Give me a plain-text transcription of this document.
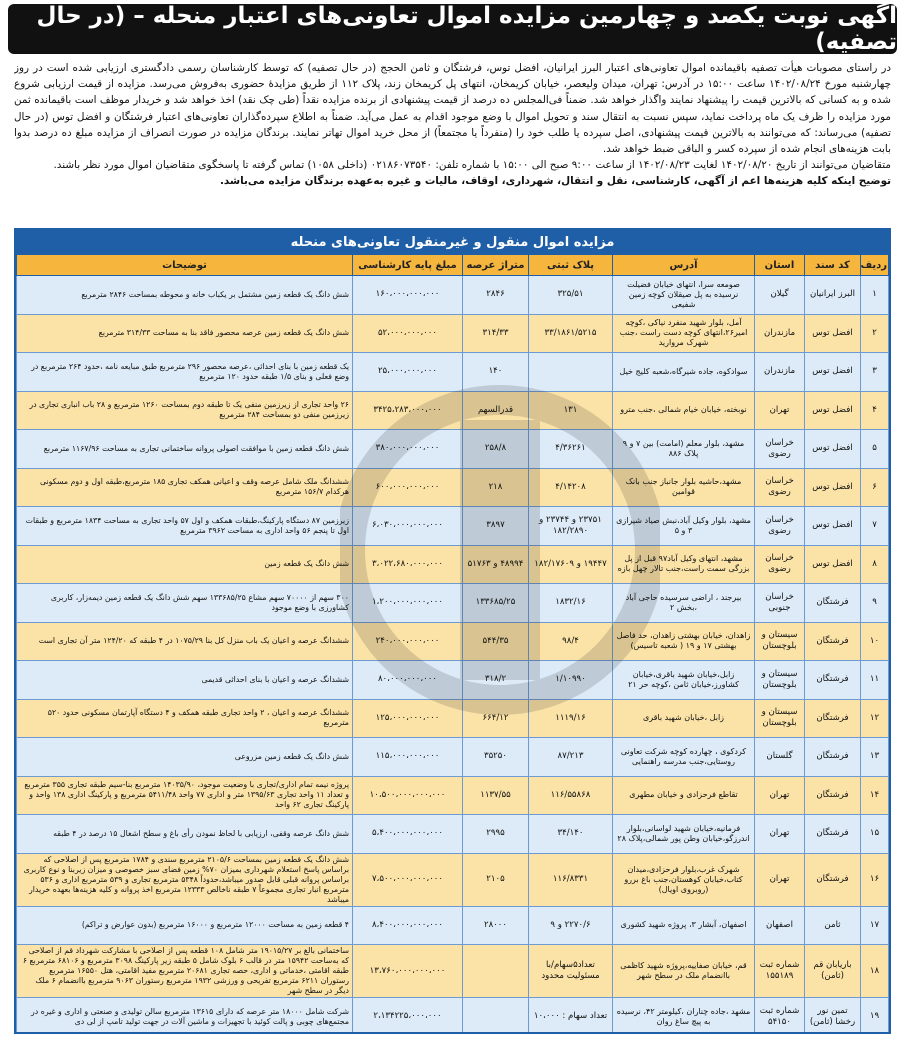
آگهی نوبت یکصد و چهارمین مزایده اموال تعاونی‌های اعتبار منحله – (در حال تصفیه)

در راستای مصوبات هیأت تصفیه باقیمانده اموال تعاونی‌های اعتبار البرز ایرانیان، افضل توس، فرشتگان و ثامن الحجج (در حال تصفیه) که توسط کارشناسان رسمی دادگستری ارزیابی شده است در روز چهارشنبه مورخ ۱۴۰۲/۰۸/۲۴ ساعت ۱۵:۰۰ در آدرس: تهران، میدان ولیعصر، خیابان کریمخان، انتهای پل کریمخان زند، پلاک ۱۱۲ از طریق مزایدهٔ حضوری به‌فروش می‌رسد. مزایده از قیمت ارزیابی شروع شده و به کسانی که بالاترین قیمت را پیشنهاد نمایند واگذار خواهد شد. ضمناً فی‌المجلس ده درصد از قیمت پیشنهادی از برنده مزایده نقداً (طی چک نقد) اخذ خواهد شد و خریدار موظف است باقیمانده ثمن مورد مزایده را ظرف یک ماه پرداخت نماید، سپس نسبت به انتقال سند و تحویل اموال با وضع موجود اقدام به عمل می‌آید. ضمناً به اطلاع سپرده‌گذاران تعاونی‌های اعتبار فرشتگان و افضل توس (در حال تصفیه) می‌رساند: که می‌توانند به بالاترین قیمت پیشنهادی، اصل سپرده یا طلب خود را (منفرداً یا مجتمعاً) از محل خرید اموال تهاتر نمایند. برندگان مزایده در صورت انصراف از مزایده مبلغ ده درصد بدوا بابت هزینه‌های انجام شده از سپرده کسر و الباقی ضبط خواهد شد.

متقاضیان می‌توانند از تاریخ ۱۴۰۲/۰۸/۲۰ لغایت ۱۴۰۲/۰۸/۲۳ از ساعت ۹:۰۰ صبح الی ۱۵:۰۰ با شماره تلفن: ۰۲۱۸۶۰۷۳۵۴۰ (داخلی ۱۰۵۸) تماس گرفته تا پاسخگوی متقاضیان اموال مورد نظر باشند.

توضیح اینکه کلیه هزینه‌ها اعم از آگهی، کارشناسی، نقل و انتقال، شهرداری، اوقاف، مالیات و غیره به‌عهده برندگان مزایده می‌باشد.

مزایده اموال منقول و غیرمنقول تعاونی‌های منحله
ردیف	کد سند	استان	آدرس	پلاک ثبتی	متراژ عرصه	مبلغ پایه کارشناسی	توضیحات
۱	البرز ایرانیان	گیلان	صومعه سرا، انتهای خیابان فضیلت نرسیده به پل صیقلان کوچه زمین شفیعی	۳۲۵/۵۱	۲۸۴۶	۱۶۰،۰۰۰،۰۰۰،۰۰۰	شش دانگ یک قطعه زمین مشتمل بر یکباب خانه و محوطه بمساحت ۲۸۴۶ مترمربع
۲	افضل توس	مازندران	آمل، بلوار شهید منفرد نیاکی ،کوچه امیر۲۶،انتهای کوچه دست راست ،جنب شهرک مروارید	۳۳/۱۸۶۱/۵۲۱۵	۳۱۴/۳۳	۵۲،۰۰۰،۰۰۰،۰۰۰	شش دانگ یک قطعه زمین عرصه محصور فاقد بنا به مساحت ۳۱۴/۳۳ مترمربع
۳	افضل توس	مازندران	سوادکوه، جاده شیرگاه،شعبه کلیج خیل		۱۴۰	۲۵،۰۰۰،۰۰۰،۰۰۰	یک قطعه زمین با بنای احداثی ،عرصه محصور ۲۹۶ مترمربع طبق مبایعه نامه ،حدود ۲۶۴ مترمربع در وضع فعلی و بنای ۱/۵ طبقه حدود ۱۲۰ مترمربع
۴	افضل توس	تهران	نوبخته، خیابان خیام شمالی ،جنب مترو	۱۳۱	قدرالسهم	۳۴۲۵،۲۸۳،۰۰۰،۰۰۰	۲۶ واحد تجاری از زیرزمین منفی یک تا طبقه دوم بمساحت ۱۲۶۰ مترمربع و ۲۸ باب انباری تجاری در زیرزمین منفی دو بمساحت ۲۸۴ مترمربع
۵	افضل توس	خراسان رضوی	مشهد، بلوار معلم (امامت) بین ۷ و ۹ پلاک ۸۸۶	۴/۳۶۲۶۱	۲۵۸/۸	۳۸۰،۰۰۰،۰۰۰،۰۰۰	شش دانگ قطعه زمین با موافقت اصولی پروانه ساختمانی تجاری به مساحت ۱۱۶۷/۹۶ مترمربع
۶	افضل توس	خراسان رضوی	مشهد،حاشیه بلوار جانباز جنب بانک قوامین	۴/۱۴۲۰۸	۲۱۸	۶۰۰،۰۰۰،۰۰۰،۰۰۰	ششدانگ ملک شامل عرصه وقف و اعیانی همکف تجاری ۱۸۵ مترمربع،طبقه اول و دوم مسکونی هرکدام ۱۵۶/۷ مترمربع
۷	افضل توس	خراسان رضوی	مشهد، بلوار وکیل آباد،نبش صیاد شیرازی ۳ و ۵	۲۳۷۵۱ و ۲۳۷۴۴ و ۱۸۲/۲۸۹۰	۳۸۹۷	۶،۰۳۰،۰۰۰،۰۰۰،۰۰۰	زیرزمین ۸۷ دستگاه پارکینگ،طبقات همکف و اول ۵۷ واحد تجاری به مساحت ۱۸۳۴ مترمربع و طبقات اول تا پنجم ۵۶ واحد اداری به مساحت ۳۹۶۲ مترمربع
۸	افضل توس	خراسان رضوی	مشهد، انتهای وکیل آباد۹۷ قبل از پل بزرگی سمت راست،جنب تالار چهل بازه	۱۹۴۴۷ و ۱۸۲/۱۷۶۰۹	۴۸۹۹۴ و ۵۱۷۶۳	۳،۰۲۲،۶۸۰،۰۰۰،۰۰۰	شش دانگ یک قطعه زمین
۹	فرشتگان	خراسان جنوبی	بیرجند ، اراضی سرسیده حاجی آباد ،بخش ۲	۱۸۳۲/۱۶	۱۳۳۶۸۵/۲۵	۱،۲۰۰،۰۰۰،۰۰۰،۰۰۰	۳۰۰ سهم از ۷۰۰۰۰ سهم مشاع ۱۳۳۶۸۵/۲۵ سهم شش دانگ یک قطعه زمین دیمه‌زار، کاربری کشاورزی با وضع موجود
۱۰	فرشتگان	سیستان و بلوچستان	زاهدان، خیابان بهشتی زاهدان، حد فاصل بهشتی ۱۷ و ۱۹ ( شعبه تاسیس)	۹۸/۴	۵۴۴/۳۵	۲۴۰،۰۰۰،۰۰۰،۰۰۰	ششدانگ عرصه و اعیان یک باب منزل کل بنا ۱۰۷۵/۲۹ در ۴ طبقه که ۱۲۴/۲۰ متر آن تجاری است
۱۱	فرشتگان	سیستان و بلوچستان	زابل،خیابان شهید باقری،خیابان کشاورز،خیابان ثامن ،کوچه حر ۲۱	۱/۱۰۹۹۰	۳۱۸/۲	۸۰،۰۰۰،۰۰۰،۰۰۰	ششدانگ عرصه و اعیان با بنای احداثی قدیمی
۱۲	فرشتگان	سیستان و بلوچستان	زابل ،خیابان شهید باقری	۱۱۱۹/۱۶	۶۶۴/۱۲	۱۲۵،۰۰۰،۰۰۰،۰۰۰	ششدانگ عرصه و اعیان ، ۲ واحد تجاری طبقه همکف و ۴ دستگاه آپارتمان مسکونی حدود ۵۲۰ مترمربع
۱۳	فرشتگان	گلستان	کردکوی ، چهارده کوچه شرکت تعاونی روستایی،جنب مدرسه راهنمایی	۸۷/۲۱۳	۳۵۲۵۰	۱۱۵،۰۰۰،۰۰۰،۰۰۰	شش دانگ یک قطعه زمین مزروعی
۱۴	فرشتگان	تهران	تقاطع فرحزادی و خیابان مطهری	۱۱۶/۵۵۸۶۸	۱۱۳۷/۵۵	۱۰،۵۰۰،۰۰۰،۰۰۰،۰۰۰	پروژه نیمه تمام اداری/تجاری با وضعیت موجود، ۱۴۰۳۵/۹۰ مترمربع بنا-سیم طبقه تجاری ۳۵۵ مترمربع و تعداد ۱۱ واحد تجاری ۱۳۹۵/۶۳ متر و اداری ۷۷ واحد ۵۴۱۱/۴۸ مترمربع و پارکینگ اداری ۱۳۸ واحد و پارکینگ تجاری ۶۲ واحد
۱۵	فرشتگان	تهران	فرمانیه،خیابان شهید لواسانی،بلوار اندرزگو،خیابان وطن پور شمالی،پلاک ۲۸	۳۴/۱۴۰	۲۹۹۵	۵،۴۰۰،۰۰۰،۰۰۰،۰۰۰	شش دانگ عرصه وقفی، ارزیابی با لحاظ نمودن رأی باغ و سطح اشغال ۱۵ درصد در ۴ طبقه
۱۶	فرشتگان	تهران	شهرک غرب،بلوار فرحزادی،میدان کتاب،خیابان کوهستان،جنب باغ بررو (روبروی اویال)	۱۱۶/۸۳۳۱	۲۱۰۵	۷،۵۰۰،۰۰۰،۰۰۰،۰۰۰	شش دانگ یک قطعه زمین بمساحت ۲۱۰۵/۶ مترمربع سندی و ۱۷۸۴ مترمربع پس از اصلاحی که براساس پاسخ استعلام شهرداری بمیزان ۷۰% زمین فضای سبز خصوصی و میزان زیربنا و نوع کاربری براساس پروانه قبلی قابل صدور میباشد،حدوداً ۵۳۴۸ مترمربع تجاری و ۵۳۹ مترمربع اداری و ۵۳۶ مترمربع انبار تجاری مجموعاً ۷ طبقه ناخالص ۱۲۳۳۳ مترمربع اخذ پروانه و کلیه هزینه‌ها بعهده خریدار میباشد
۱۷	ثامن	اصفهان	اصفهان، آبشار ۳، پروژه شهید کشوری	۲۲۷۰/۶ و ۹	۲۸۰۰۰	۸،۴۰۰،۰۰۰،۰۰۰،۰۰۰	۴ قطعه زمین به مساحت ۱۲۰۰۰ مترمربع و ۱۶۰۰۰ مترمربع (بدون عوارض و تراکم)
۱۸	باریابان قم (ثامن)	شماره ثبت ۱۵۵۱۸۹	قم، خیابان صفاییه،پروژه شهید کاظمی باانضمام ملک در سطح شهر	تعداد۵سهام/با مسئولیت محدود		۱۳،۷۶۰،۰۰۰،۰۰۰،۰۰۰	ساختمانی بالغ بر ۱۹۰۱۵/۲۷ متر شامل ۱۰۸ قطعه پس از اصلاحی با مشارکت شهرداد قم از اصلاحی که به‌ساحت ۱۵۹۴۲ متر در قالب ۶ بلوک شامل ۵ طبقه زیر پارکینگ ۳۰۹۸ مترمربع و ۶۸۱۰۶ مترمربع ۶ طبقه اقامتی ،خدماتی و اداری، حصه تجاری ۲۰۶۸۱ مترمربع مفید اقامتی، هتل ۱۶۵۵۰ مترمربع رستوران ۶۲۱۱ مترمربع تفریحی و ورزشی ۱۹۳۲ مترمربع رستوران ۹۰۶۳ مترمربع باانضمام ۶ ملک دیگر در سطح شهر
۱۹	تمین نور رخشا (ثامن)	شماره ثبت ۵۴۱۵۰	مشهد ،جاده چناران ،کیلومتر ۴۲، نرسیده به پیچ ساغ روان	تعداد سهام : ۱۰،۰۰۰		۲،۱۳۴۲۲۵،۰۰۰،۰۰۰	شرکت شامل ۱۸۰۰۰ متر عرصه که دارای ۱۳۶۱۵ مترمربع سالن تولیدی و صنعتی و اداری و غیره در مجتمع‌های چوبی و پالت کوئید با تجهیزات و ماشین آلات در جهت تولید تامپ از لی دی
